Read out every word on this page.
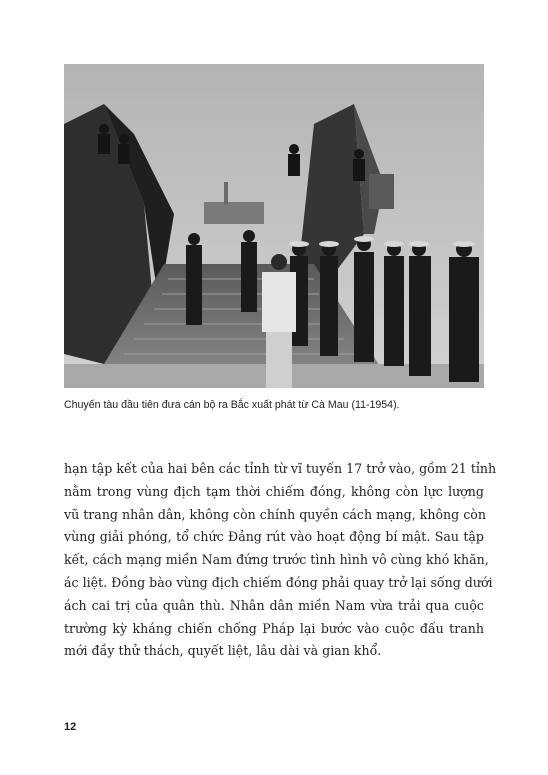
Chuyến tàu đầu tiên đưa cán bộ ra Bắc xuất phát từ Cà Mau (11-1954).
hạn tập kết của hai bên các tỉnh từ vĩ tuyến 17 trở vào, gồm 21 tỉnh
nằm trong vùng địch tạm thời chiếm đóng, không còn lực lượng
vũ trang nhân dân, không còn chính quyền cách mạng, không còn
vùng giải phóng, tổ chức Đảng rút vào hoạt động bí mật. Sau tập
kết, cách mạng miền Nam đứng trước tình hình vô cùng khó khăn,
ác liệt. Đồng bào vùng địch chiếm đóng phải quay trở lại sống dưới
ách cai trị của quân thù. Nhân dân miền Nam vừa trải qua cuộc
trường kỳ kháng chiến chống Pháp lại bước vào cuộc đấu tranh
mới đầy thử thách, quyết liệt, lâu dài và gian khổ.
12
